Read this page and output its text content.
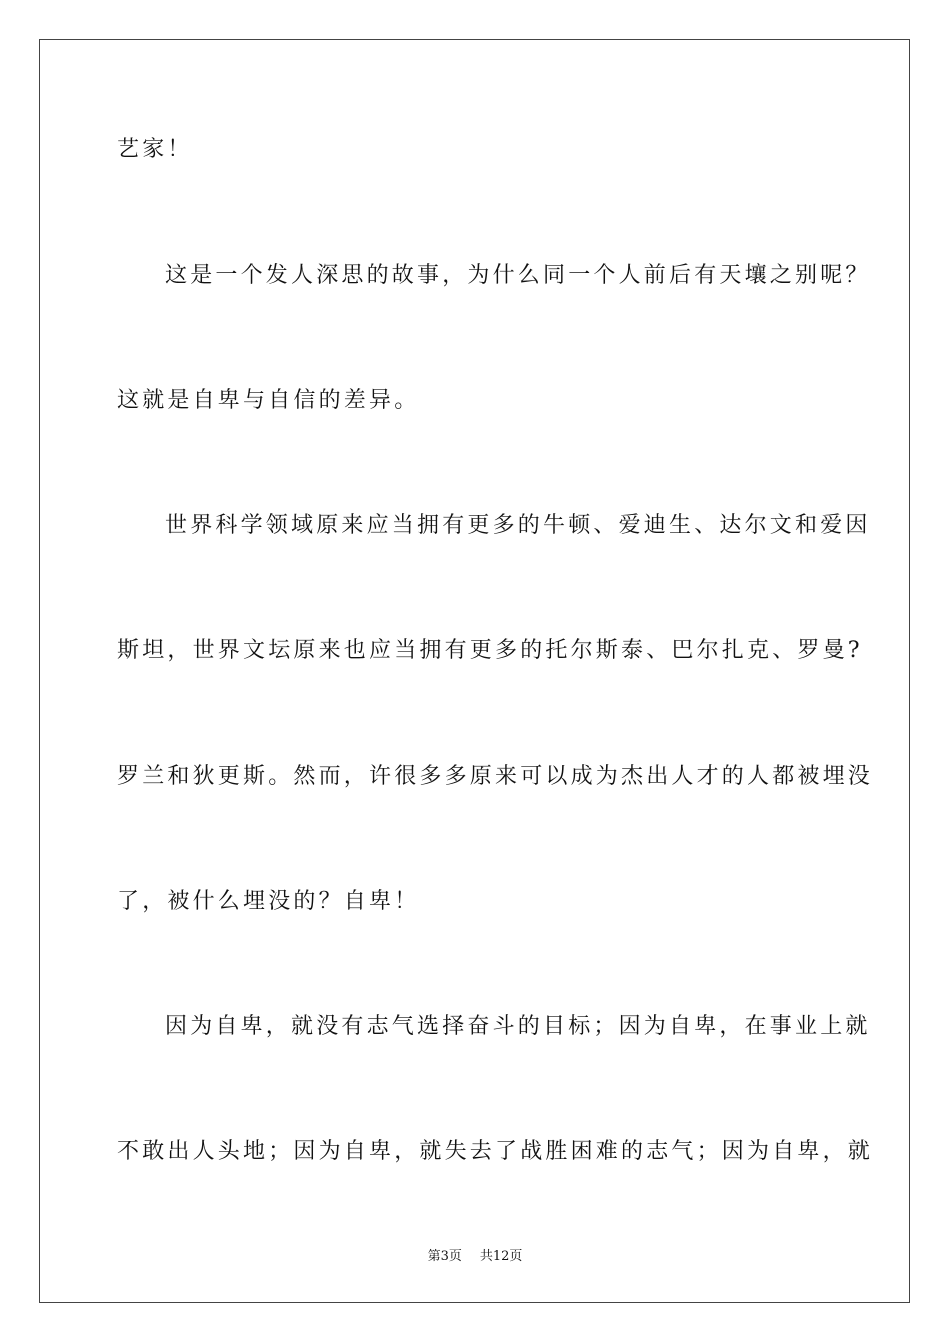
艺家！
这是一个发人深思的故事，为什么同一个人前后有天壤之别呢？
这就是自卑与自信的差异。
世界科学领域原来应当拥有更多的牛顿、爱迪生、达尔文和爱因
斯坦，世界文坛原来也应当拥有更多的托尔斯泰、巴尔扎克、罗曼?
罗兰和狄更斯。然而，许很多多原来可以成为杰出人才的人都被埋没
了，被什么埋没的？自卑！
因为自卑，就没有志气选择奋斗的目标；因为自卑，在事业上就
不敢出人头地；因为自卑，就失去了战胜困难的志气；因为自卑，就
第3页 共12页
